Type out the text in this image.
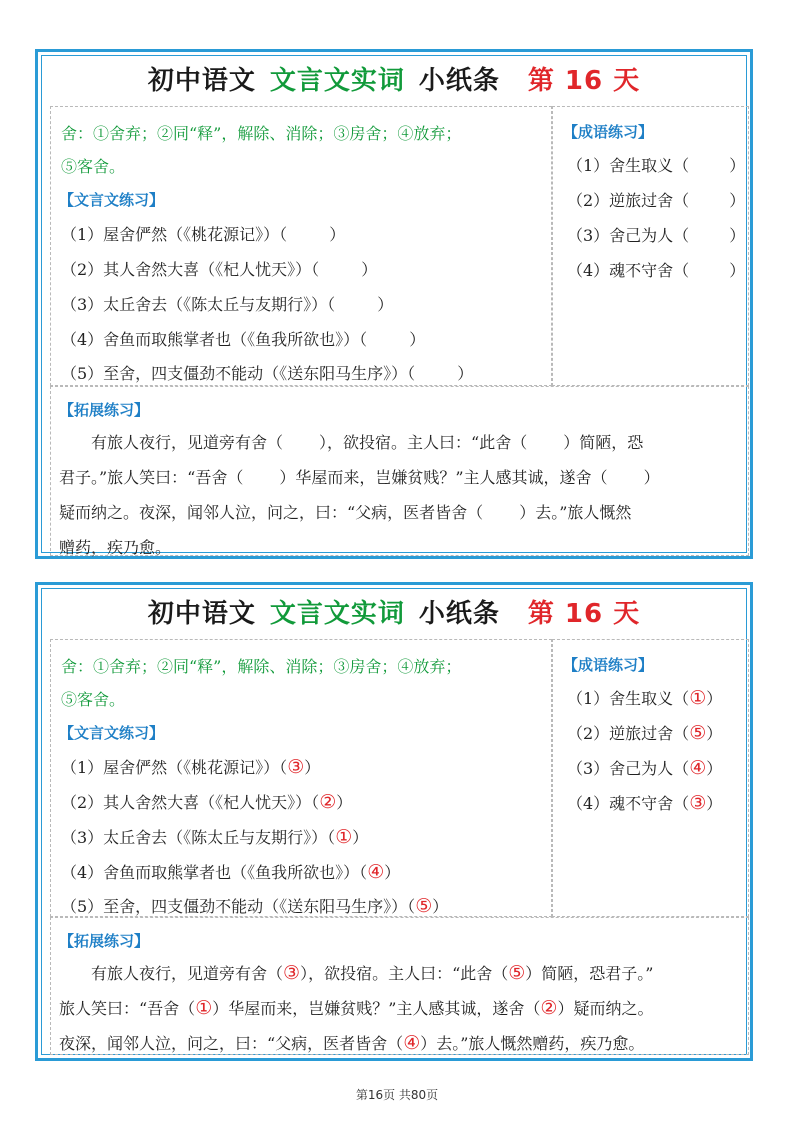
初中语文 文言文实词 小纸条 第 16 天
舍：①舍弃；②同“释”，解除、消除；③房舍；④放弃；
⑤客舍。
【文言文练习】
（1）屋舍俨然（《桃花源记》）（	）
（2）其人舍然大喜（《杞人忧天》）（	）
（3）太丘舍去（《陈太丘与友期行》）（	）
（4）舍鱼而取熊掌者也（《鱼我所欲也》）（	）
（5）至舍，四支僵劲不能动（《送东阳马生序》）（	）
【成语练习】
（1）舍生取义（	）
（2）逆旅过舍（	）
（3）舍己为人（	）
（4）魂不守舍（	）
【拓展练习】
　　有旅人夜行，见道旁有舍（ ），欲投宿。主人曰：“此舍（ ）简陋，恐
君子。”旅人笑曰：“吾舍（ ）华屋而来，岂嫌贫贱？”主人感其诚，遂舍（ ）
疑而纳之。夜深，闻邻人泣，问之，曰：“父病，医者皆舍（ ）去。”旅人慨然
赠药，疾乃愈。
初中语文 文言文实词 小纸条 第 16 天
舍：①舍弃；②同“释”，解除、消除；③房舍；④放弃；
⑤客舍。
【文言文练习】
（1）屋舍俨然（《桃花源记》）（③）
（2）其人舍然大喜（《杞人忧天》）（②）
（3）太丘舍去（《陈太丘与友期行》）（①）
（4）舍鱼而取熊掌者也（《鱼我所欲也》）（④）
（5）至舍，四支僵劲不能动（《送东阳马生序》）（⑤）
【成语练习】
（1）舍生取义（①）
（2）逆旅过舍（⑤）
（3）舍己为人（④）
（4）魂不守舍（③）
【拓展练习】
　　有旅人夜行，见道旁有舍（③），欲投宿。主人曰：“此舍（⑤）简陋，恐君子。”
旅人笑曰：“吾舍（①）华屋而来，岂嫌贫贱？”主人感其诚，遂舍（②）疑而纳之。
夜深，闻邻人泣，问之，曰：“父病，医者皆舍（④）去。”旅人慨然赠药，疾乃愈。
第16页 共80页
